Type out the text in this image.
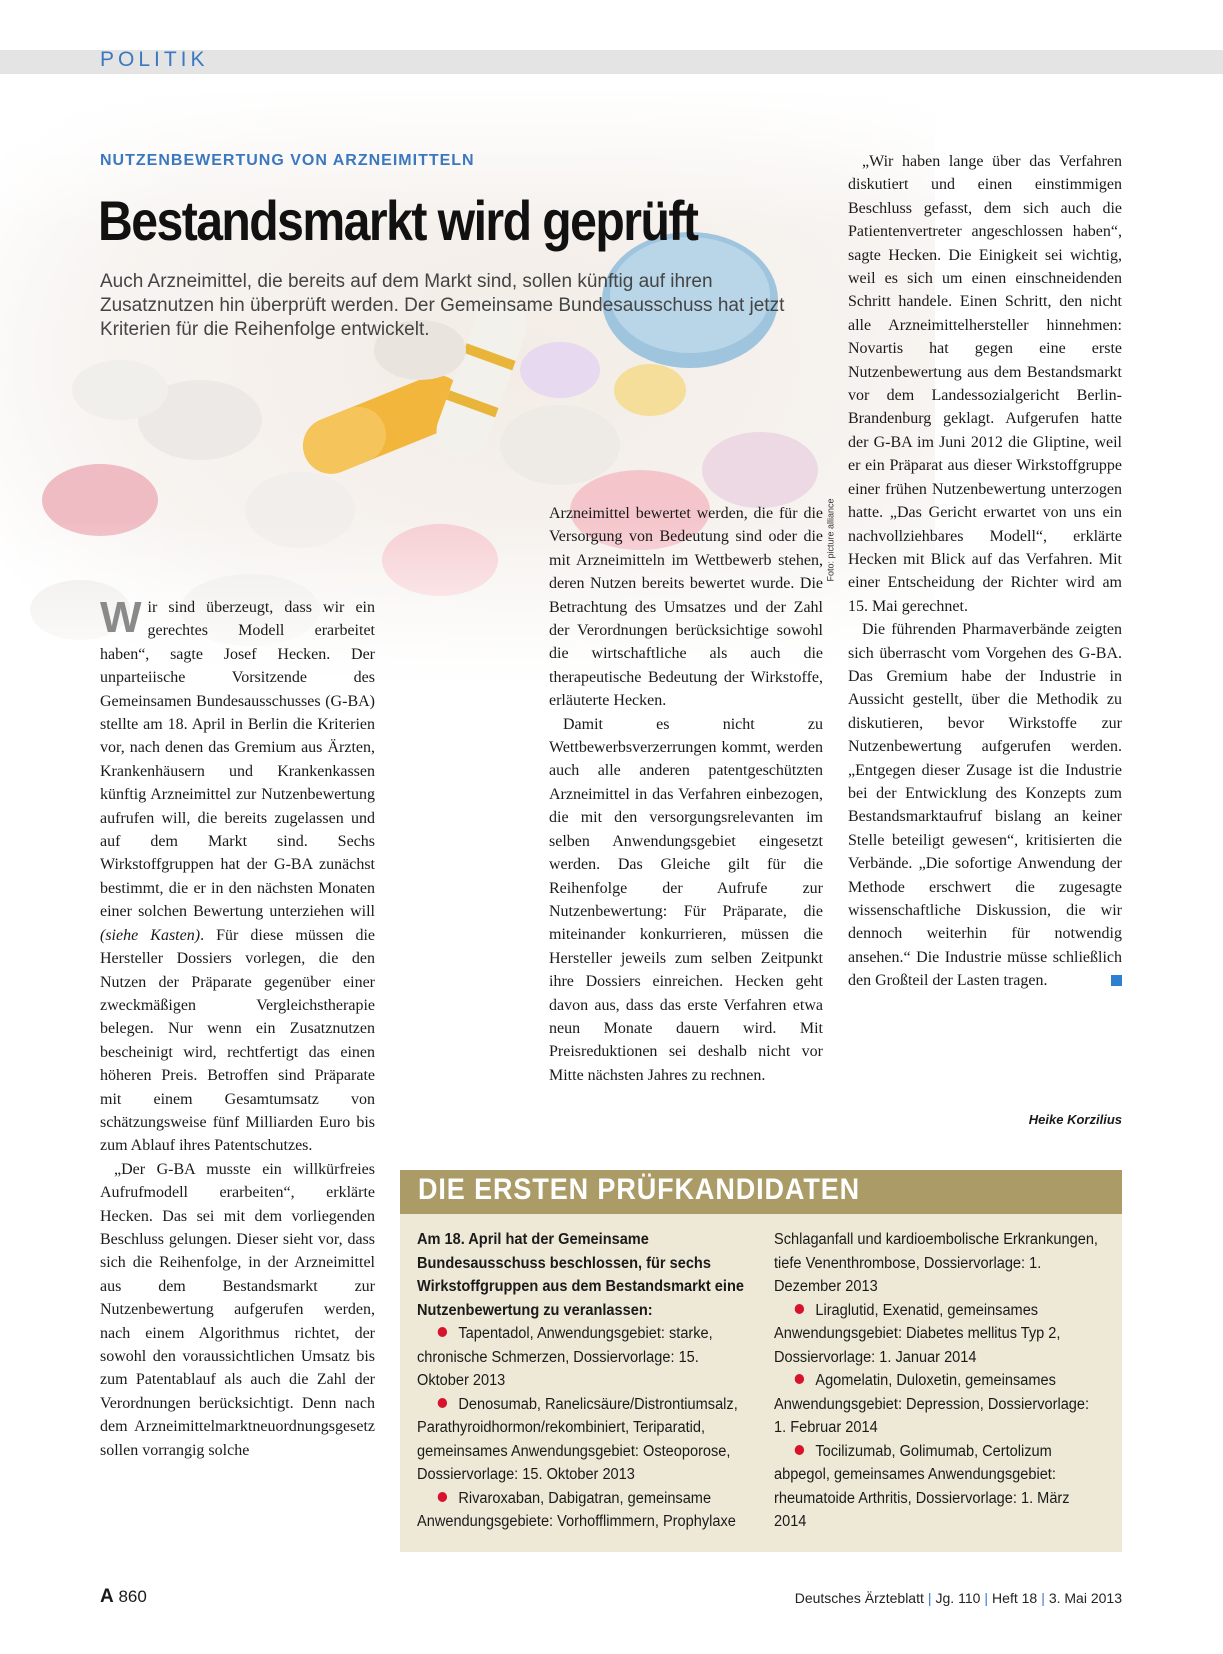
POLITIK
NUTZENBEWERTUNG VON ARZNEIMITTELN
Bestandsmarkt wird geprüft
Auch Arzneimittel, die bereits auf dem Markt sind, sollen künftig auf ihren Zusatznutzen hin überprüft werden. Der Gemeinsame Bundesausschuss hat jetzt Kriterien für die Reihenfolge entwickelt.
Foto: picture alliance

Wir sind überzeugt, dass wir ein gerechtes Modell erarbeitet haben“, sagte Josef Hecken. Der unparteiische Vorsitzende des Gemeinsamen Bundesausschusses (G-BA) stellte am 18. April in Berlin die Kriterien vor, nach denen das Gremium aus Ärzten, Krankenhäusern und Krankenkassen künftig Arzneimittel zur Nutzenbewertung aufrufen will, die bereits zugelassen und auf dem Markt sind. Sechs Wirkstoffgruppen hat der G-BA zunächst bestimmt, die er in den nächsten Monaten einer solchen Bewertung unterziehen will (siehe Kasten). Für diese müssen die Hersteller Dossiers vorlegen, die den Nutzen der Präparate gegenüber einer zweckmäßigen Vergleichstherapie belegen. Nur wenn ein Zusatznutzen bescheinigt wird, rechtfertigt das einen höheren Preis. Betroffen sind Präparate mit einem Gesamtumsatz von schätzungsweise fünf Milliarden Euro bis zum Ablauf ihres Patentschutzes.

„Der G-BA musste ein willkürfreies Aufrufmodell erarbeiten“, erklärte Hecken. Das sei mit dem vorliegenden Beschluss gelungen. Dieser sieht vor, dass sich die Reihenfolge, in der Arzneimittel aus dem Bestandsmarkt zur Nutzenbewertung aufgerufen werden, nach einem Algorithmus richtet, der sowohl den voraussichtlichen Umsatz bis zum Patentablauf als auch die Zahl der Verordnungen berücksichtigt. Denn nach dem Arzneimittelmarktneuordnungsgesetz sollen vorrangig solche

Arzneimittel bewertet werden, die für die Versorgung von Bedeutung sind oder die mit Arzneimitteln im Wettbewerb stehen, deren Nutzen bereits bewertet wurde. Die Betrachtung des Umsatzes und der Zahl der Verordnungen berücksichtige sowohl die wirtschaftliche als auch die therapeutische Bedeutung der Wirkstoffe, erläuterte Hecken.

Damit es nicht zu Wettbewerbsverzerrungen kommt, werden auch alle anderen patentgeschützten Arzneimittel in das Verfahren einbezogen, die mit den versorgungsrelevanten im selben Anwendungsgebiet eingesetzt werden. Das Gleiche gilt für die Reihenfolge der Aufrufe zur Nutzenbewertung: Für Präparate, die miteinander konkurrieren, müssen die Hersteller jeweils zum selben Zeitpunkt ihre Dossiers einreichen. Hecken geht davon aus, dass das erste Verfahren etwa neun Monate dauern wird. Mit Preisreduktionen sei deshalb nicht vor Mitte nächsten Jahres zu rechnen.

„Wir haben lange über das Verfahren diskutiert und einen einstimmigen Beschluss gefasst, dem sich auch die Patientenvertreter angeschlossen haben“, sagte Hecken. Die Einigkeit sei wichtig, weil es sich um einen einschneidenden Schritt handele. Einen Schritt, den nicht alle Arzneimittelhersteller hinnehmen: Novartis hat gegen eine erste Nutzenbewertung aus dem Bestandsmarkt vor dem Landessozialgericht Berlin-Brandenburg geklagt. Aufgerufen hatte der G-BA im Juni 2012 die Gliptine, weil er ein Präparat aus dieser Wirkstoffgruppe einer frühen Nutzenbewertung unterzogen hatte. „Das Gericht erwartet von uns ein nachvollziehbares Modell“, erklärte Hecken mit Blick auf das Verfahren. Mit einer Entscheidung der Richter wird am 15. Mai gerechnet.

Die führenden Pharmaverbände zeigten sich überrascht vom Vorgehen des G-BA. Das Gremium habe der Industrie in Aussicht gestellt, über die Methodik zu diskutieren, bevor Wirkstoffe zur Nutzenbewertung aufgerufen werden. „Entgegen dieser Zusage ist die Industrie bei der Entwicklung des Konzepts zum Bestandsmarktaufruf bislang an keiner Stelle beteiligt gewesen“, kritisierten die Verbände. „Die sofortige Anwendung der Methode erschwert die zugesagte wissenschaftliche Diskussion, die wir dennoch weiterhin für notwendig ansehen.“ Die Industrie müsse schließlich den Großteil der Lasten tragen.

Heike Korzilius
DIE ERSTEN PRÜFKANDIDATEN
Am 18. April hat der Gemeinsame Bundesausschuss beschlossen, für sechs Wirkstoffgruppen aus dem Bestandsmarkt eine Nutzenbewertung zu veranlassen:
Tapentadol, Anwendungsgebiet: starke, chronische Schmerzen, Dossiervorlage: 15. Oktober 2013
Denosumab, Ranelicsäure/Distrontiumsalz, Parathyroidhormon/rekombiniert, Teriparatid, gemeinsames Anwendungsgebiet: Osteoporose, Dossiervorlage: 15. Oktober 2013
Rivaroxaban, Dabigatran, gemeinsame Anwendungsgebiete: Vorhofflimmern, Prophylaxe
Schlaganfall und kardioembolische Erkrankungen, tiefe Venenthrombose, Dossiervorlage: 1. Dezember 2013
Liraglutid, Exenatid, gemeinsames Anwendungsgebiet: Diabetes mellitus Typ 2, Dossiervorlage: 1. Januar 2014
Agomelatin, Duloxetin, gemeinsames Anwendungsgebiet: Depression, Dossiervorlage: 1. Februar 2014
Tocilizumab, Golimumab, Certolizum abpegol, gemeinsames Anwendungsgebiet: rheumatoide Arthritis, Dossiervorlage: 1. März 2014
A 860	Deutsches Ärzteblatt | Jg. 110 | Heft 18 | 3. Mai 2013
